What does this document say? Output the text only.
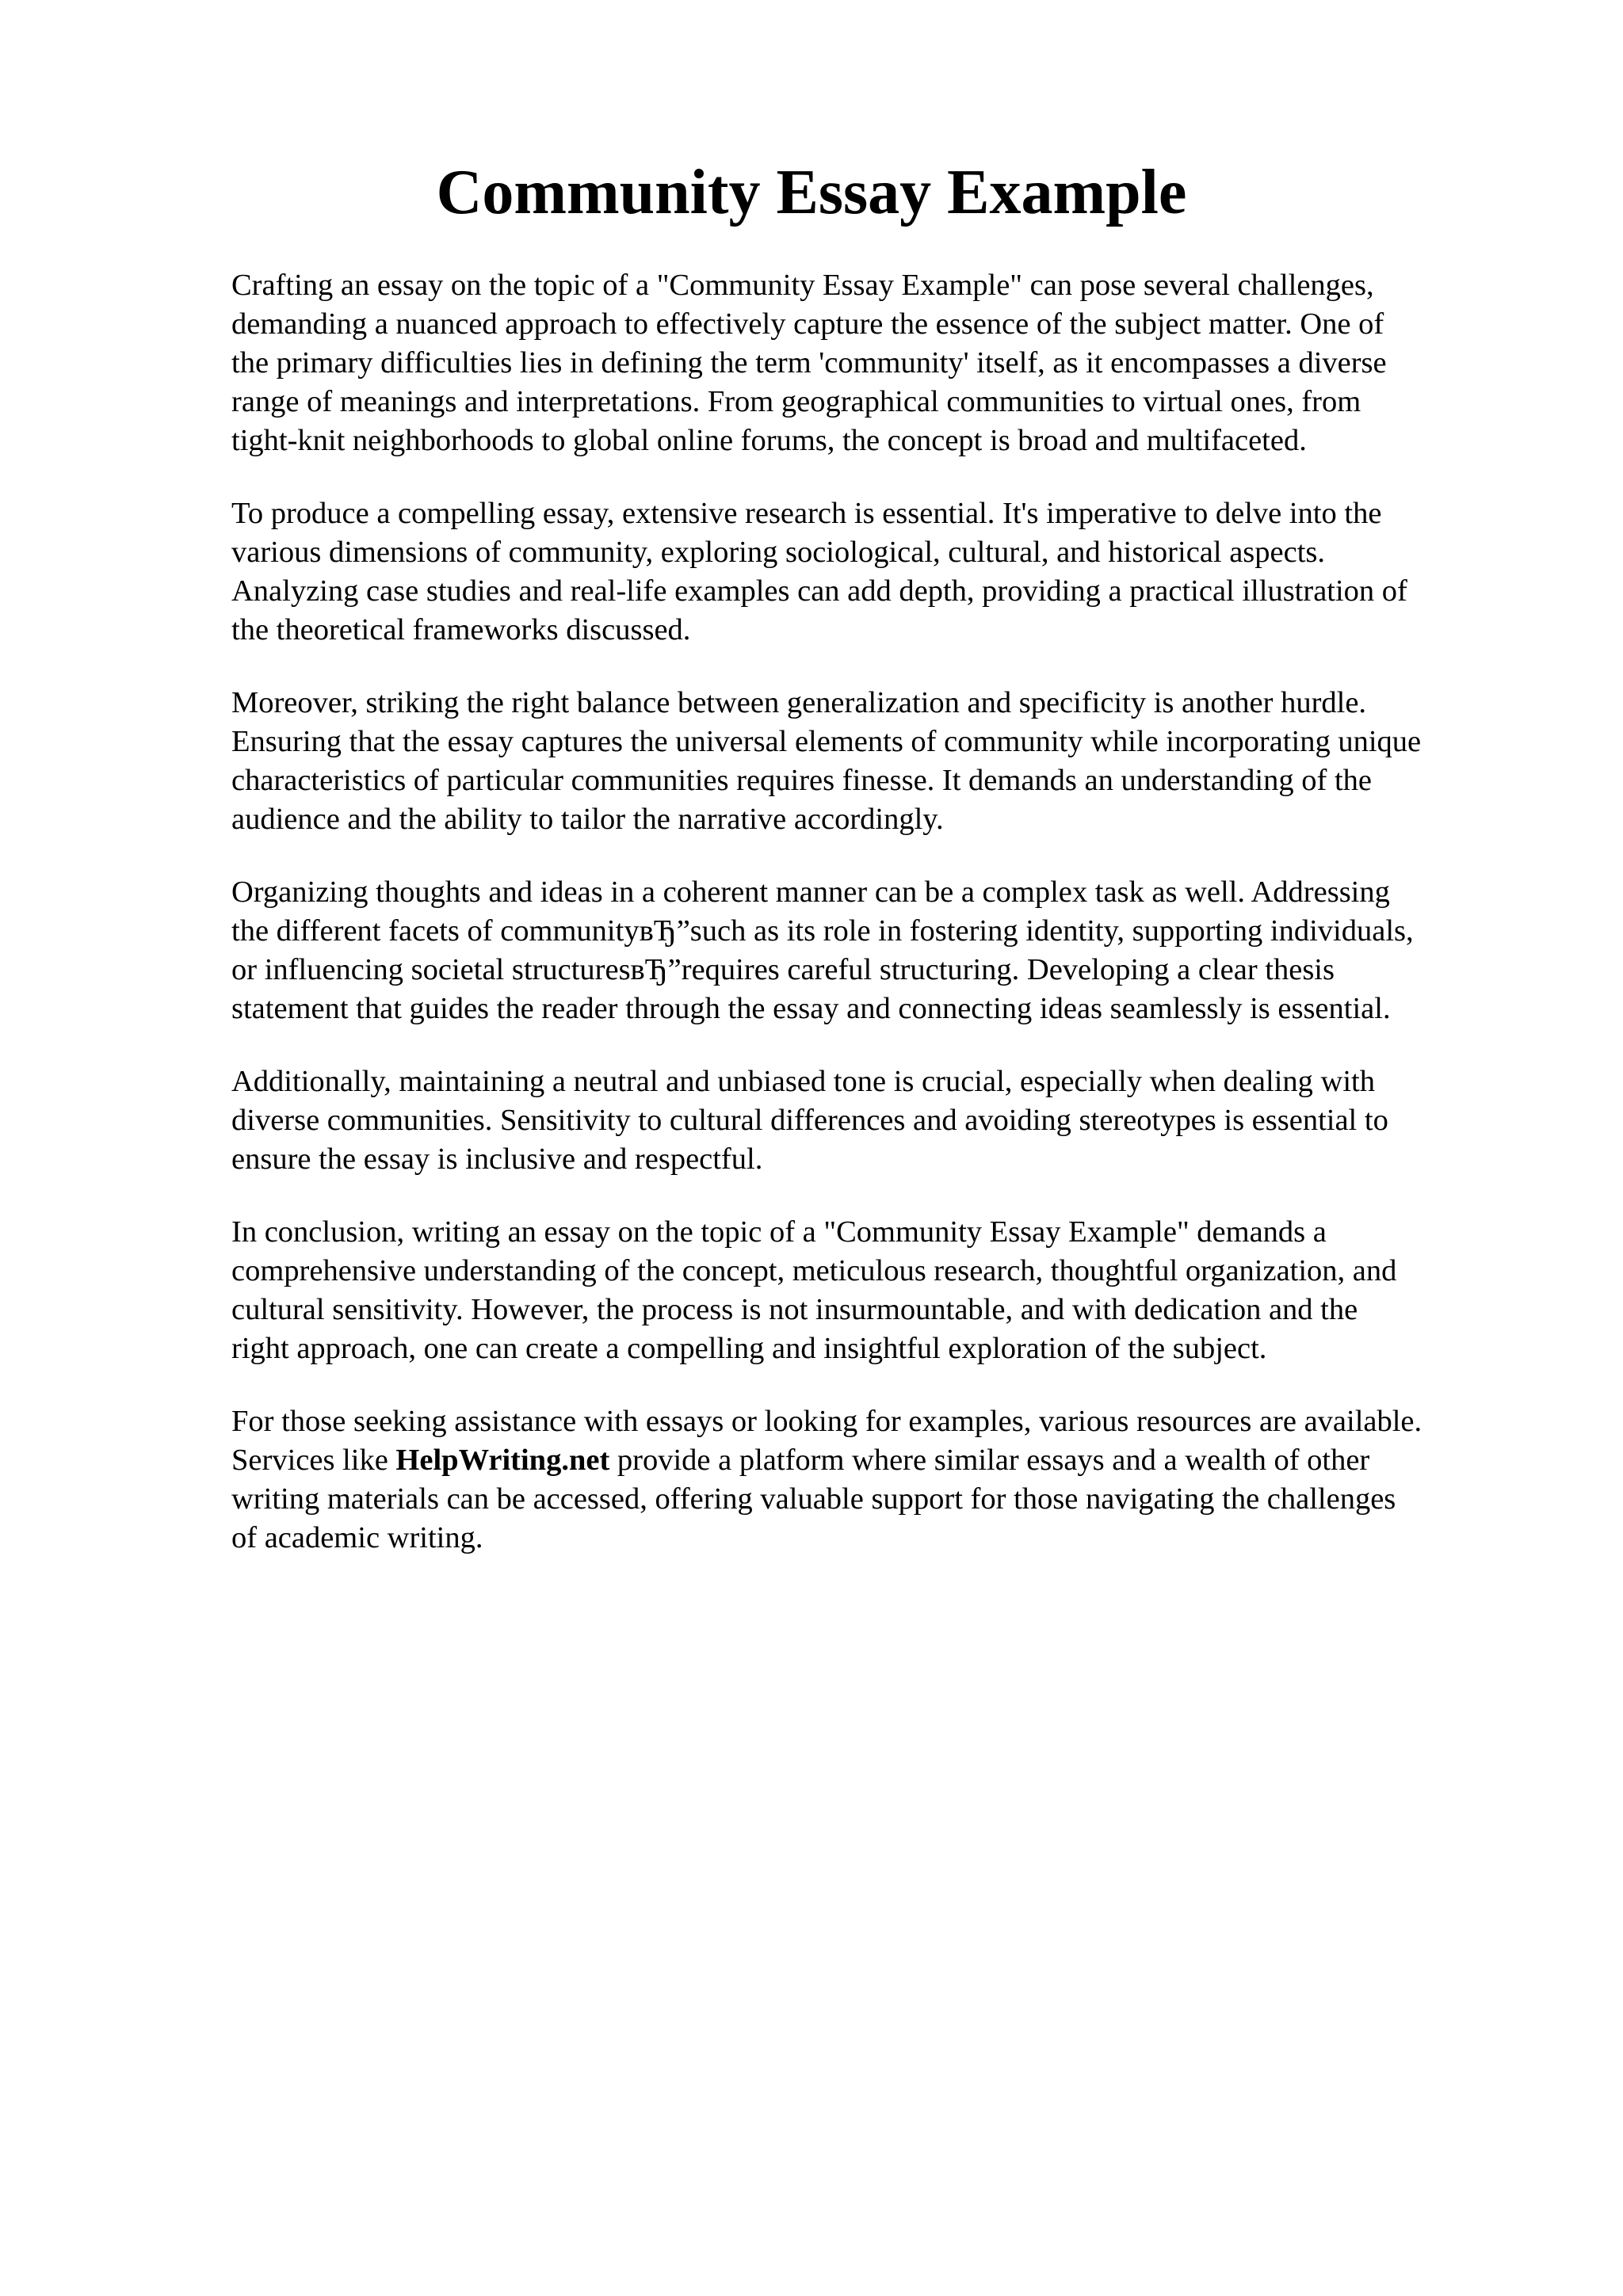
Community Essay Example

Crafting an essay on the topic of a "Community Essay Example" can pose several challenges,
demanding a nuanced approach to effectively capture the essence of the subject matter. One of
the primary difficulties lies in defining the term 'community' itself, as it encompasses a diverse
range of meanings and interpretations. From geographical communities to virtual ones, from
tight-knit neighborhoods to global online forums, the concept is broad and multifaceted.

To produce a compelling essay, extensive research is essential. It's imperative to delve into the
various dimensions of community, exploring sociological, cultural, and historical aspects.
Analyzing case studies and real-life examples can add depth, providing a practical illustration of
the theoretical frameworks discussed.

Moreover, striking the right balance between generalization and specificity is another hurdle.
Ensuring that the essay captures the universal elements of community while incorporating unique
characteristics of particular communities requires finesse. It demands an understanding of the
audience and the ability to tailor the narrative accordingly.

Organizing thoughts and ideas in a coherent manner can be a complex task as well. Addressing
the different facets of communityвЂ”such as its role in fostering identity, supporting individuals,
or influencing societal structuresвЂ”requires careful structuring. Developing a clear thesis
statement that guides the reader through the essay and connecting ideas seamlessly is essential.

Additionally, maintaining a neutral and unbiased tone is crucial, especially when dealing with
diverse communities. Sensitivity to cultural differences and avoiding stereotypes is essential to
ensure the essay is inclusive and respectful.

In conclusion, writing an essay on the topic of a "Community Essay Example" demands a
comprehensive understanding of the concept, meticulous research, thoughtful organization, and
cultural sensitivity. However, the process is not insurmountable, and with dedication and the
right approach, one can create a compelling and insightful exploration of the subject.

For those seeking assistance with essays or looking for examples, various resources are available.
Services like HelpWriting.net provide a platform where similar essays and a wealth of other
writing materials can be accessed, offering valuable support for those navigating the challenges
of academic writing.
